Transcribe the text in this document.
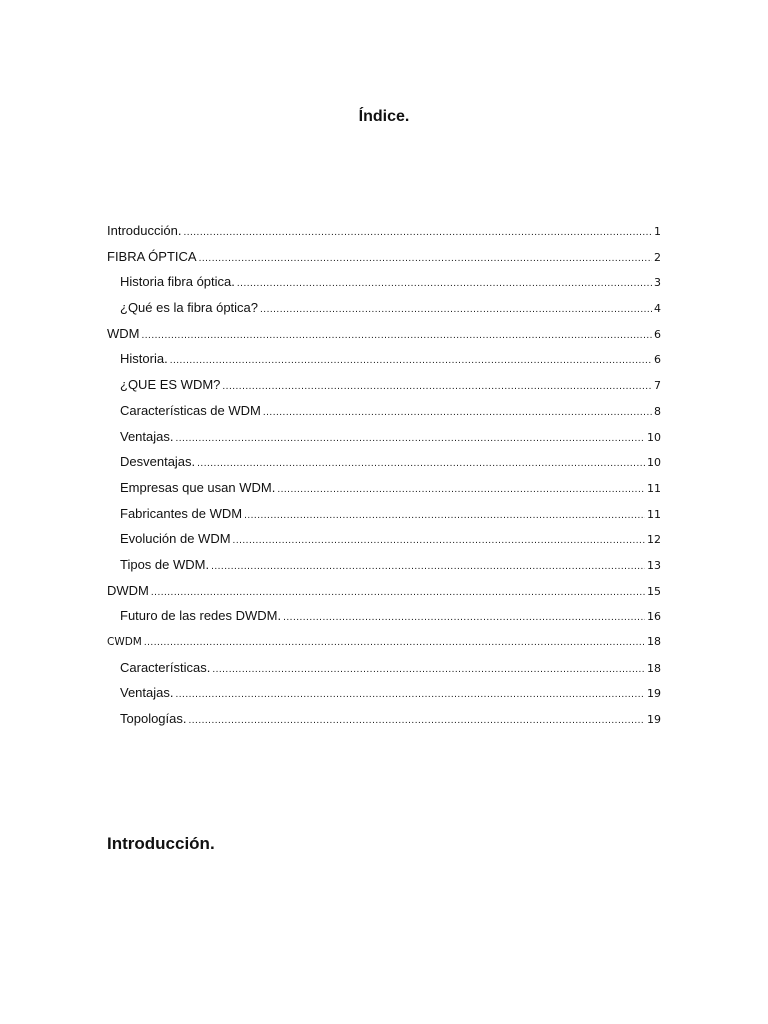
Índice.
Introducción. .....	1
FIBRA ÓPTICA .....	2
Historia fibra óptica. .....	3
¿Qué es la fibra óptica? .....	4
WDM .....	6
Historia. .....	6
¿QUE ES WDM? .....	7
Características de WDM .....	8
Ventajas. .....	10
Desventajas. .....	10
Empresas que usan WDM. .....	11
Fabricantes de WDM .....	11
Evolución de WDM .....	12
Tipos de WDM. .....	13
DWDM .....	15
Futuro de las redes DWDM. .....	16
CWDM .....	18
Características. .....	18
Ventajas. .....	19
Topologías. .....	19
Introducción.
